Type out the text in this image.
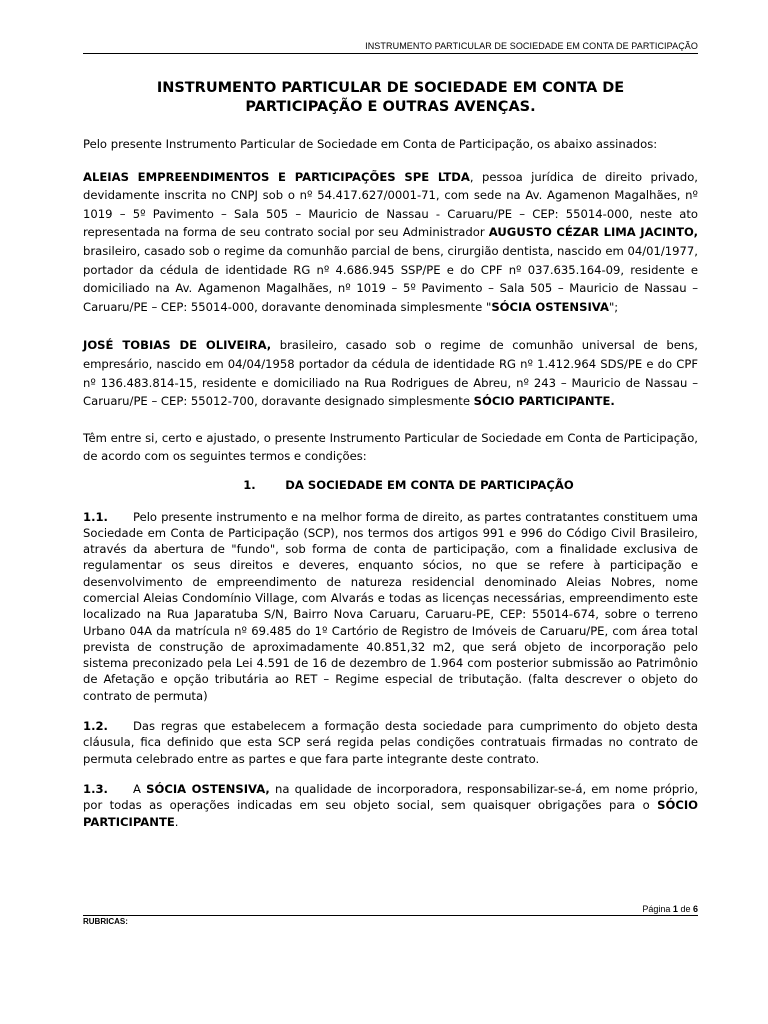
INSTRUMENTO PARTICULAR DE SOCIEDADE EM CONTA DE PARTICIPAÇÃO
INSTRUMENTO PARTICULAR DE SOCIEDADE EM CONTA DE
PARTICIPAÇÃO E OUTRAS AVENÇAS.

Pelo presente Instrumento Particular de Sociedade em Conta de Participação, os abaixo assinados:

ALEIAS EMPREENDIMENTOS E PARTICIPAÇÕES SPE LTDA, pessoa jurídica de direito privado, devidamente inscrita no CNPJ sob o nº 54.417.627/0001-71, com sede na Av. Agamenon Magalhães, nº 1019 – 5º Pavimento – Sala 505 – Mauricio de Nassau - Caruaru/PE – CEP: 55014-000, neste ato representada na forma de seu contrato social por seu Administrador AUGUSTO CÉZAR LIMA JACINTO, brasileiro, casado sob o regime da comunhão parcial de bens, cirurgião dentista, nascido em 04/01/1977, portador da cédula de identidade RG nº 4.686.945 SSP/PE e do CPF nº 037.635.164-09, residente e domiciliado na Av. Agamenon Magalhães, nº 1019 – 5º Pavimento – Sala 505 – Mauricio de Nassau – Caruaru/PE – CEP: 55014-000, doravante denominada simplesmente "SÓCIA OSTENSIVA";

JOSÉ TOBIAS DE OLIVEIRA, brasileiro, casado sob o regime de comunhão universal de bens, empresário, nascido em 04/04/1958 portador da cédula de identidade RG nº 1.412.964 SDS/PE e do CPF nº 136.483.814-15, residente e domiciliado na Rua Rodrigues de Abreu, nº 243 – Mauricio de Nassau – Caruaru/PE – CEP: 55012-700, doravante designado simplesmente SÓCIO PARTICIPANTE.

Têm entre si, certo e ajustado, o presente Instrumento Particular de Sociedade em Conta de Participação, de acordo com os seguintes termos e condições:

1.	DA SOCIEDADE EM CONTA DE PARTICIPAÇÃO

1.1. Pelo presente instrumento e na melhor forma de direito, as partes contratantes constituem uma Sociedade em Conta de Participação (SCP), nos termos dos artigos 991 e 996 do Código Civil Brasileiro, através da abertura de "fundo", sob forma de conta de participação, com a finalidade exclusiva de regulamentar os seus direitos e deveres, enquanto sócios, no que se refere à participação e desenvolvimento de empreendimento de natureza residencial denominado Aleias Nobres, nome comercial Aleias Condomínio Village, com Alvarás e todas as licenças necessárias, empreendimento este localizado na Rua Japaratuba S/N, Bairro Nova Caruaru, Caruaru-PE, CEP: 55014-674, sobre o terreno Urbano 04A da matrícula nº 69.485 do 1º Cartório de Registro de Imóveis de Caruaru/PE, com área total prevista de construção de aproximadamente 40.851,32 m2, que será objeto de incorporação pelo sistema preconizado pela Lei 4.591 de 16 de dezembro de 1.964 com posterior submissão ao Patrimônio de Afetação e opção tributária ao RET – Regime especial de tributação. (falta descrever o objeto do contrato de permuta)

1.2. Das regras que estabelecem a formação desta sociedade para cumprimento do objeto desta cláusula, fica definido que esta SCP será regida pelas condições contratuais firmadas no contrato de permuta celebrado entre as partes e que fara parte integrante deste contrato.

1.3. A SÓCIA OSTENSIVA, na qualidade de incorporadora, responsabilizar-se-á, em nome próprio, por todas as operações indicadas em seu objeto social, sem quaisquer obrigações para o SÓCIO PARTICIPANTE.

Página 1 de 6
RUBRICAS:
